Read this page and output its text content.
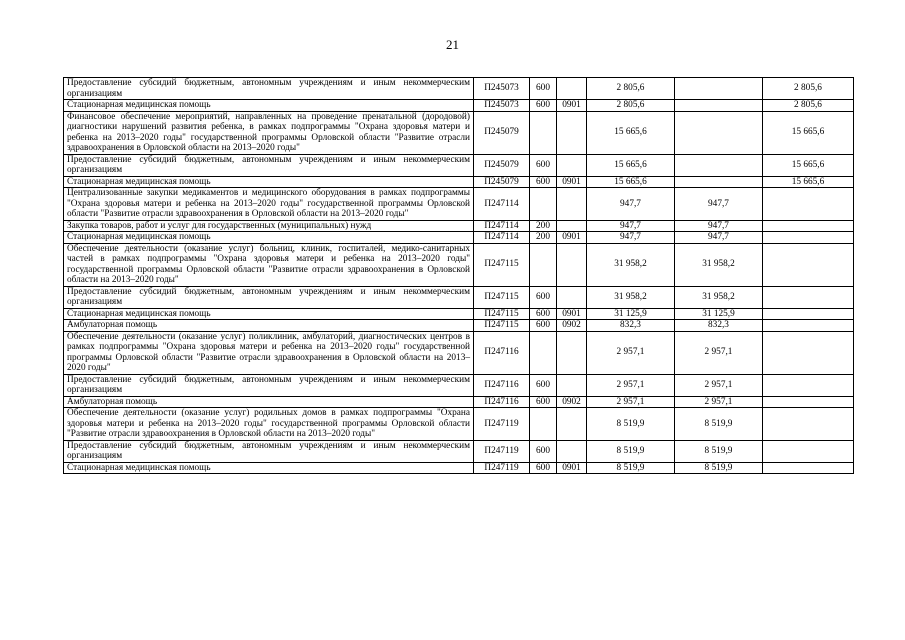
21
Предоставление субсидий бюджетным, автономным учреждениям и иным некоммерческим организациям	П245073	600		2 805,6		2 805,6
Стационарная медицинская помощь	П245073	600	0901	2 805,6		2 805,6
Финансовое обеспечение мероприятий, направленных на проведение пренатальной (дородовой) диагностики нарушений развития ребенка, в рамках подпрограммы "Охрана здоровья матери и ребенка на 2013–2020 годы" государственной программы Орловской области "Развитие отрасли здравоохранения в Орловской области на 2013–2020 годы"	П245079			15 665,6		15 665,6
Предоставление субсидий бюджетным, автономным учреждениям и иным некоммерческим организациям	П245079	600		15 665,6		15 665,6
Стационарная медицинская помощь	П245079	600	0901	15 665,6		15 665,6
Централизованные закупки медикаментов и медицинского оборудования в рамках подпрограммы "Охрана здоровья матери и ребенка на 2013–2020 годы" государственной программы Орловской области "Развитие отрасли здравоохранения в Орловской области на 2013–2020 годы"	П247114			947,7	947,7	
Закупка товаров, работ и услуг для государственных (муниципальных) нужд	П247114	200		947,7	947,7	
Стационарная медицинская помощь	П247114	200	0901	947,7	947,7	
Обеспечение деятельности (оказание услуг) больниц, клиник, госпиталей, медико-санитарных частей в рамках подпрограммы "Охрана здоровья матери и ребенка на 2013–2020 годы" государственной программы Орловской области "Развитие отрасли здравоохранения в Орловской области на 2013–2020 годы"	П247115			31 958,2	31 958,2	
Предоставление субсидий бюджетным, автономным учреждениям и иным некоммерческим организациям	П247115	600		31 958,2	31 958,2	
Стационарная медицинская помощь	П247115	600	0901	31 125,9	31 125,9	
Амбулаторная помощь	П247115	600	0902	832,3	832,3	
Обеспечение деятельности (оказание услуг) поликлиник, амбулаторий, диагностических центров в рамках подпрограммы "Охрана здоровья матери и ребенка на 2013–2020 годы" государственной программы Орловской области "Развитие отрасли здравоохранения в Орловской области на 2013–2020 годы"	П247116			2 957,1	2 957,1	
Предоставление субсидий бюджетным, автономным учреждениям и иным некоммерческим организациям	П247116	600		2 957,1	2 957,1	
Амбулаторная помощь	П247116	600	0902	2 957,1	2 957,1	
Обеспечение деятельности (оказание услуг) родильных домов в рамках подпрограммы "Охрана здоровья матери и ребенка на 2013–2020 годы" государственной программы Орловской области "Развитие отрасли здравоохранения в Орловской области на 2013–2020 годы"	П247119			8 519,9	8 519,9	
Предоставление субсидий бюджетным, автономным учреждениям и иным некоммерческим организациям	П247119	600		8 519,9	8 519,9	
Стационарная медицинская помощь	П247119	600	0901	8 519,9	8 519,9	
